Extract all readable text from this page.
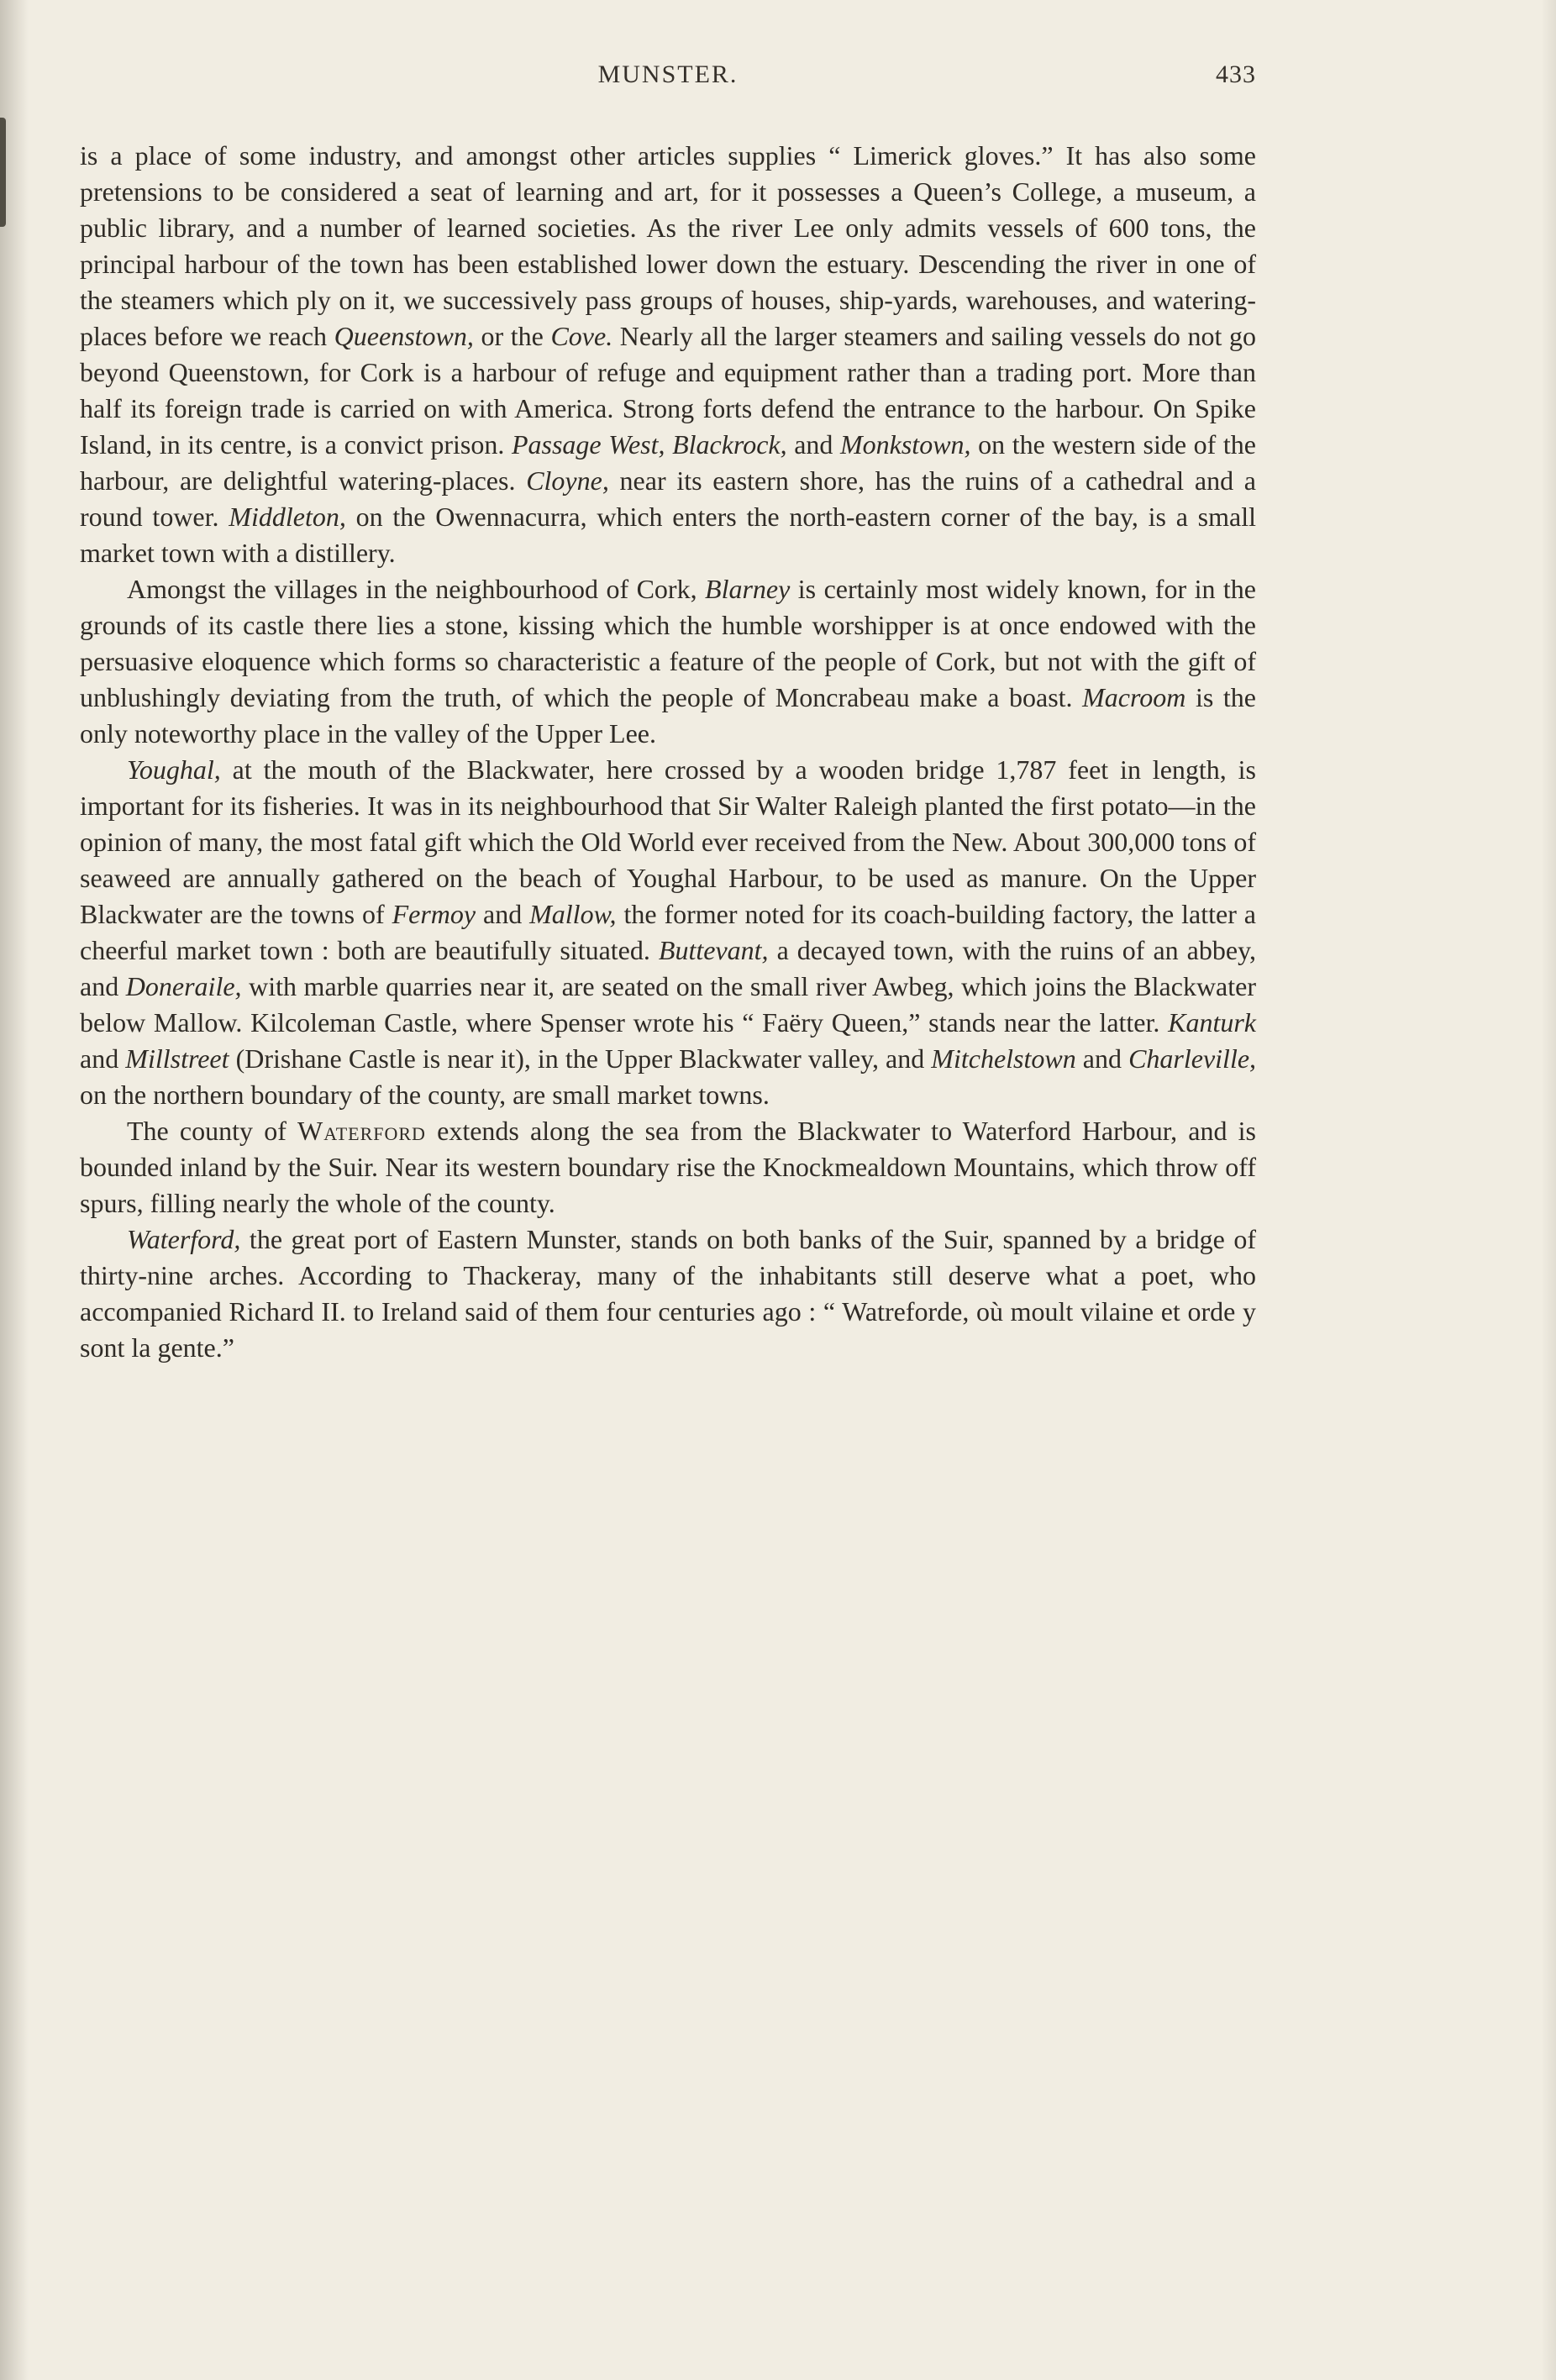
MUNSTER.	433

is a place of some industry, and amongst other articles supplies “ Limerick gloves.” It has also some pretensions to be considered a seat of learning and art, for it possesses a Queen’s College, a museum, a public library, and a number of learned societies. As the river Lee only admits vessels of 600 tons, the principal harbour of the town has been established lower down the estuary. Descending the river in one of the steamers which ply on it, we successively pass groups of houses, ship-yards, warehouses, and watering-places before we reach Queenstown, or the Cove. Nearly all the larger steamers and sailing vessels do not go beyond Queenstown, for Cork is a harbour of refuge and equipment rather than a trading port. More than half its foreign trade is carried on with America. Strong forts defend the entrance to the harbour. On Spike Island, in its centre, is a convict prison. Passage West, Blackrock, and Monkstown, on the western side of the harbour, are delightful watering-places. Cloyne, near its eastern shore, has the ruins of a cathedral and a round tower. Middleton, on the Owennacurra, which enters the north-eastern corner of the bay, is a small market town with a distillery.

Amongst the villages in the neighbourhood of Cork, Blarney is certainly most widely known, for in the grounds of its castle there lies a stone, kissing which the humble worshipper is at once endowed with the persuasive eloquence which forms so characteristic a feature of the people of Cork, but not with the gift of unblushingly deviating from the truth, of which the people of Moncrabeau make a boast. Macroom is the only noteworthy place in the valley of the Upper Lee.

Youghal, at the mouth of the Blackwater, here crossed by a wooden bridge 1,787 feet in length, is important for its fisheries. It was in its neighbourhood that Sir Walter Raleigh planted the first potato—in the opinion of many, the most fatal gift which the Old World ever received from the New. About 300,000 tons of seaweed are annually gathered on the beach of Youghal Harbour, to be used as manure. On the Upper Blackwater are the towns of Fermoy and Mallow, the former noted for its coach-building factory, the latter a cheerful market town : both are beautifully situated. Buttevant, a decayed town, with the ruins of an abbey, and Doneraile, with marble quarries near it, are seated on the small river Awbeg, which joins the Blackwater below Mallow. Kilcoleman Castle, where Spenser wrote his “ Faëry Queen,” stands near the latter. Kanturk and Millstreet (Drishane Castle is near it), in the Upper Blackwater valley, and Mitchelstown and Charleville, on the northern boundary of the county, are small market towns.

The county of Waterford extends along the sea from the Blackwater to Waterford Harbour, and is bounded inland by the Suir. Near its western boundary rise the Knockmealdown Mountains, which throw off spurs, filling nearly the whole of the county.

Waterford, the great port of Eastern Munster, stands on both banks of the Suir, spanned by a bridge of thirty-nine arches. According to Thackeray, many of the inhabitants still deserve what a poet, who accompanied Richard II. to Ireland said of them four centuries ago : “ Watreforde, où moult vilaine et orde y sont la gente.”
